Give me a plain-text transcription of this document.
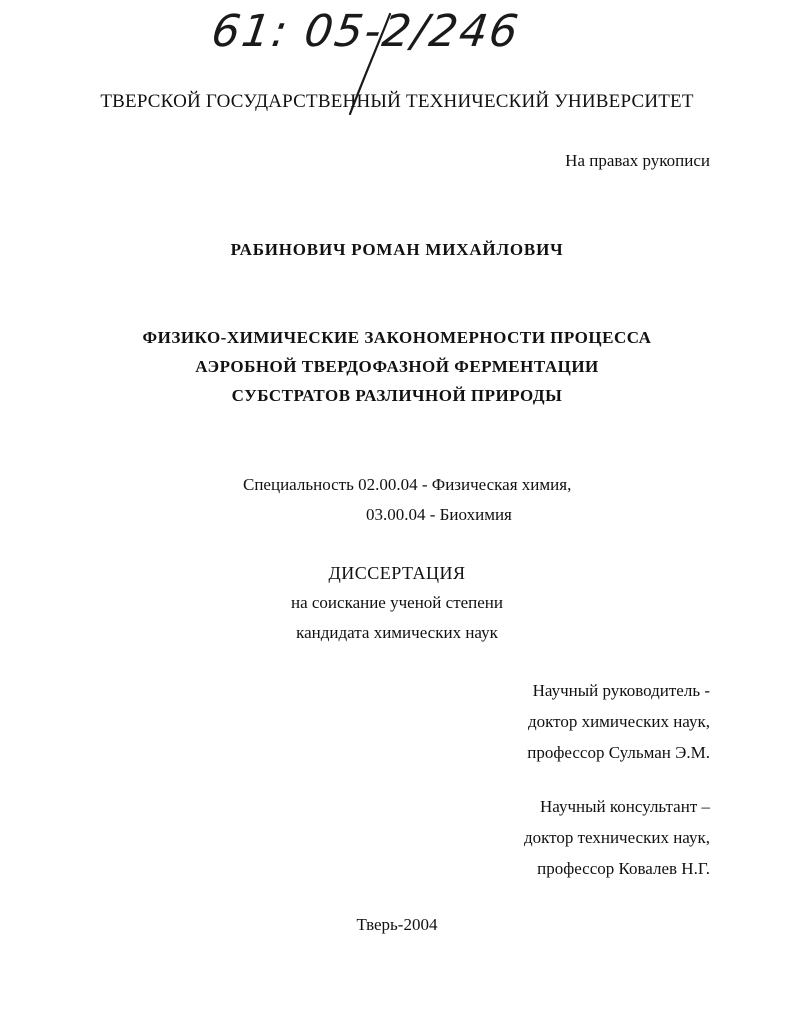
61: 05-2/246
ТВЕРСКОЙ ГОСУДАРСТВЕННЫЙ ТЕХНИЧЕСКИЙ УНИВЕРСИТЕТ
На правах рукописи
РАБИНОВИЧ РОМАН МИХАЙЛОВИЧ
ФИЗИКО-ХИМИЧЕСКИЕ ЗАКОНОМЕРНОСТИ ПРОЦЕССА
АЭРОБНОЙ ТВЕРДОФАЗНОЙ ФЕРМЕНТАЦИИ
СУБСТРАТОВ РАЗЛИЧНОЙ ПРИРОДЫ
Специальность 02.00.04 - Физическая химия,
03.00.04 - Биохимия
ДИССЕРТАЦИЯ
на соискание ученой степени
кандидата химических наук
Научный руководитель -
доктор химических наук,
профессор Сульман Э.М.
Научный консультант –
доктор технических наук,
профессор Ковалев Н.Г.
Тверь-2004
